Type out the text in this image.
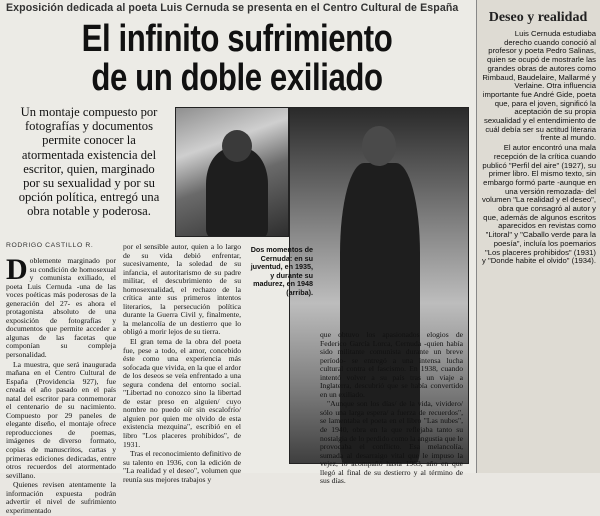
Exposición dedicada al poeta Luis Cernuda se presenta en el Centro Cultural de España
El infinito sufrimiento
de un doble exiliado
Un montaje compuesto por fotografías y documentos permite conocer la atormentada existencia del escritor, quien, marginado por su sexualidad y por su opción política, entregó una obra notable y poderosa.
Dos momentos de Cernuda: en su juventud, en 1935, y durante su madurez, en 1948 (arriba).
RODRIGO CASTILLO R.

Doblemente marginado por su condición de homosexual y comunista exiliado, el poeta Luis Cernuda -una de las voces poéticas más poderosas de la generación del 27- es ahora el protagonista absoluto de una exposición de fotografías y documentos que permite acceder a algunas de las facetas que componían su compleja personalidad.

La muestra, que será inaugurada mañana en el Centro Cultural de España (Providencia 927), fue creada el año pasado en el país natal del escritor para conmemorar el centenario de su nacimiento. Compuesto por 29 paneles de elegante diseño, el montaje ofrece reproducciones de poemas, imágenes de diverso formato, copias de manuscritos, cartas y primeras ediciones dedicadas, entre otros recuerdos del atormentado sevillano.

Quienes revisen atentamente la información expuesta podrán advertir el nivel de sufrimiento experimentado

por el sensible autor, quien a lo largo de su vida debió enfrentar, sucesivamente, la soledad de su infancia, el autoritarismo de su padre militar, el descubrimiento de su homosexualidad, el rechazo de la crítica ante sus primeros intentos literarios, la persecución política durante la Guerra Civil y, finalmente, la melancolía de un destierro que lo obligó a morir lejos de su tierra.

El gran tema de la obra del poeta fue, pese a todo, el amor, concebido éste como una experiencia más sofocada que vivida, en la que el ardor de los deseos se veía enfrentado a una segura condena del entorno social. "Libertad no conozco sino la libertad de estar preso en alguien/ cuyo nombre no puedo oír sin escalofrío/ alguien por quien me olvido de esta existencia mezquina", escribió en el libro "Los placeres prohibidos", de 1931.

Tras el reconocimiento definitivo de su talento en 1936, con la edición de "La realidad y el deseo", volumen que reunía sus mejores trabajos y

que obtuvo los apasionados elogios de Federico García Lorca, Cernuda -quien había sido militante comunista durante un breve período- se entregó a una intensa lucha cultural contra el fascismo. En 1938, cuando intentó volver a su país tras un viaje a Inglaterra, descubrió que se había convertido en un exiliado.

"Aunque son los días/ de la vida, vividero/ sólo una larga espera/ a fuerza de recuerdos", se lamentaba el poeta en el libro "Las nubes", de 1940, obra en la que reflejaba tanto su nostalgia de lo perdido como la angustia que le provocaba el conflicto. Esa melancolía, sumada al desarraigo vital que le impuso la vejez, lo acompañó hasta 1963, año en que llegó al final de su destierro y al término de sus días.

Deseo y realidad

Luis Cernuda estudiaba derecho cuando conoció al profesor y poeta Pedro Salinas, quien se ocupó de mostrarle las grandes obras de autores como Rimbaud, Baudelaire, Mallarmé y Verlaine. Otra influencia importante fue André Gide, poeta que, para el joven, significó la aceptación de su propia sexualidad y el entendimiento de cuál debía ser su actitud literaria frente al mundo.

El autor encontró una mala recepción de la crítica cuando publicó "Perfil del aire" (1927), su primer libro. El mismo texto, sin embargo formó parte -aunque en una versión remozada- del volumen "La realidad y el deseo", obra que consagró al autor y que, además de algunos escritos aparecidos en revistas como "Litoral" y "Caballo verde para la poesía", incluía los poemarios "Los placeres prohibidos" (1931) y "Donde habite el olvido" (1934).
